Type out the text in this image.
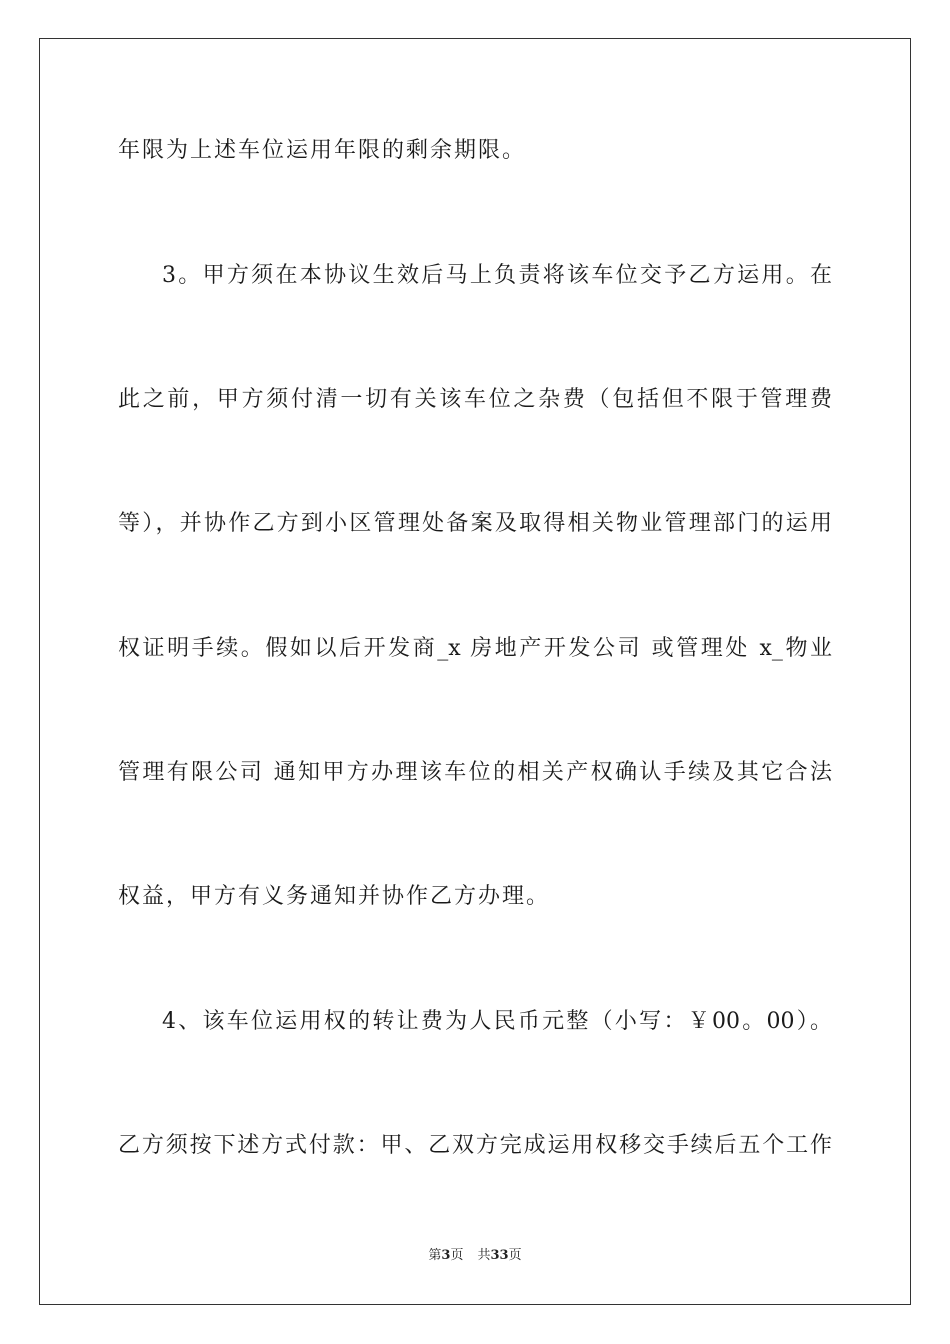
年限为上述车位运用年限的剩余期限。
3。甲方须在本协议生效后马上负责将该车位交予乙方运用。在
此之前，甲方须付清一切有关该车位之杂费（包括但不限于管理费
等），并协作乙方到小区管理处备案及取得相关物业管理部门的运用
权证明手续。假如以后开发商_x 房地产开发公司 或管理处 x_物业
管理有限公司 通知甲方办理该车位的相关产权确认手续及其它合法
权益，甲方有义务通知并协作乙方办理。
4、该车位运用权的转让费为人民币元整（小写：￥00。00）。
乙方须按下述方式付款：甲、乙双方完成运用权移交手续后五个工作
第3页 共33页
